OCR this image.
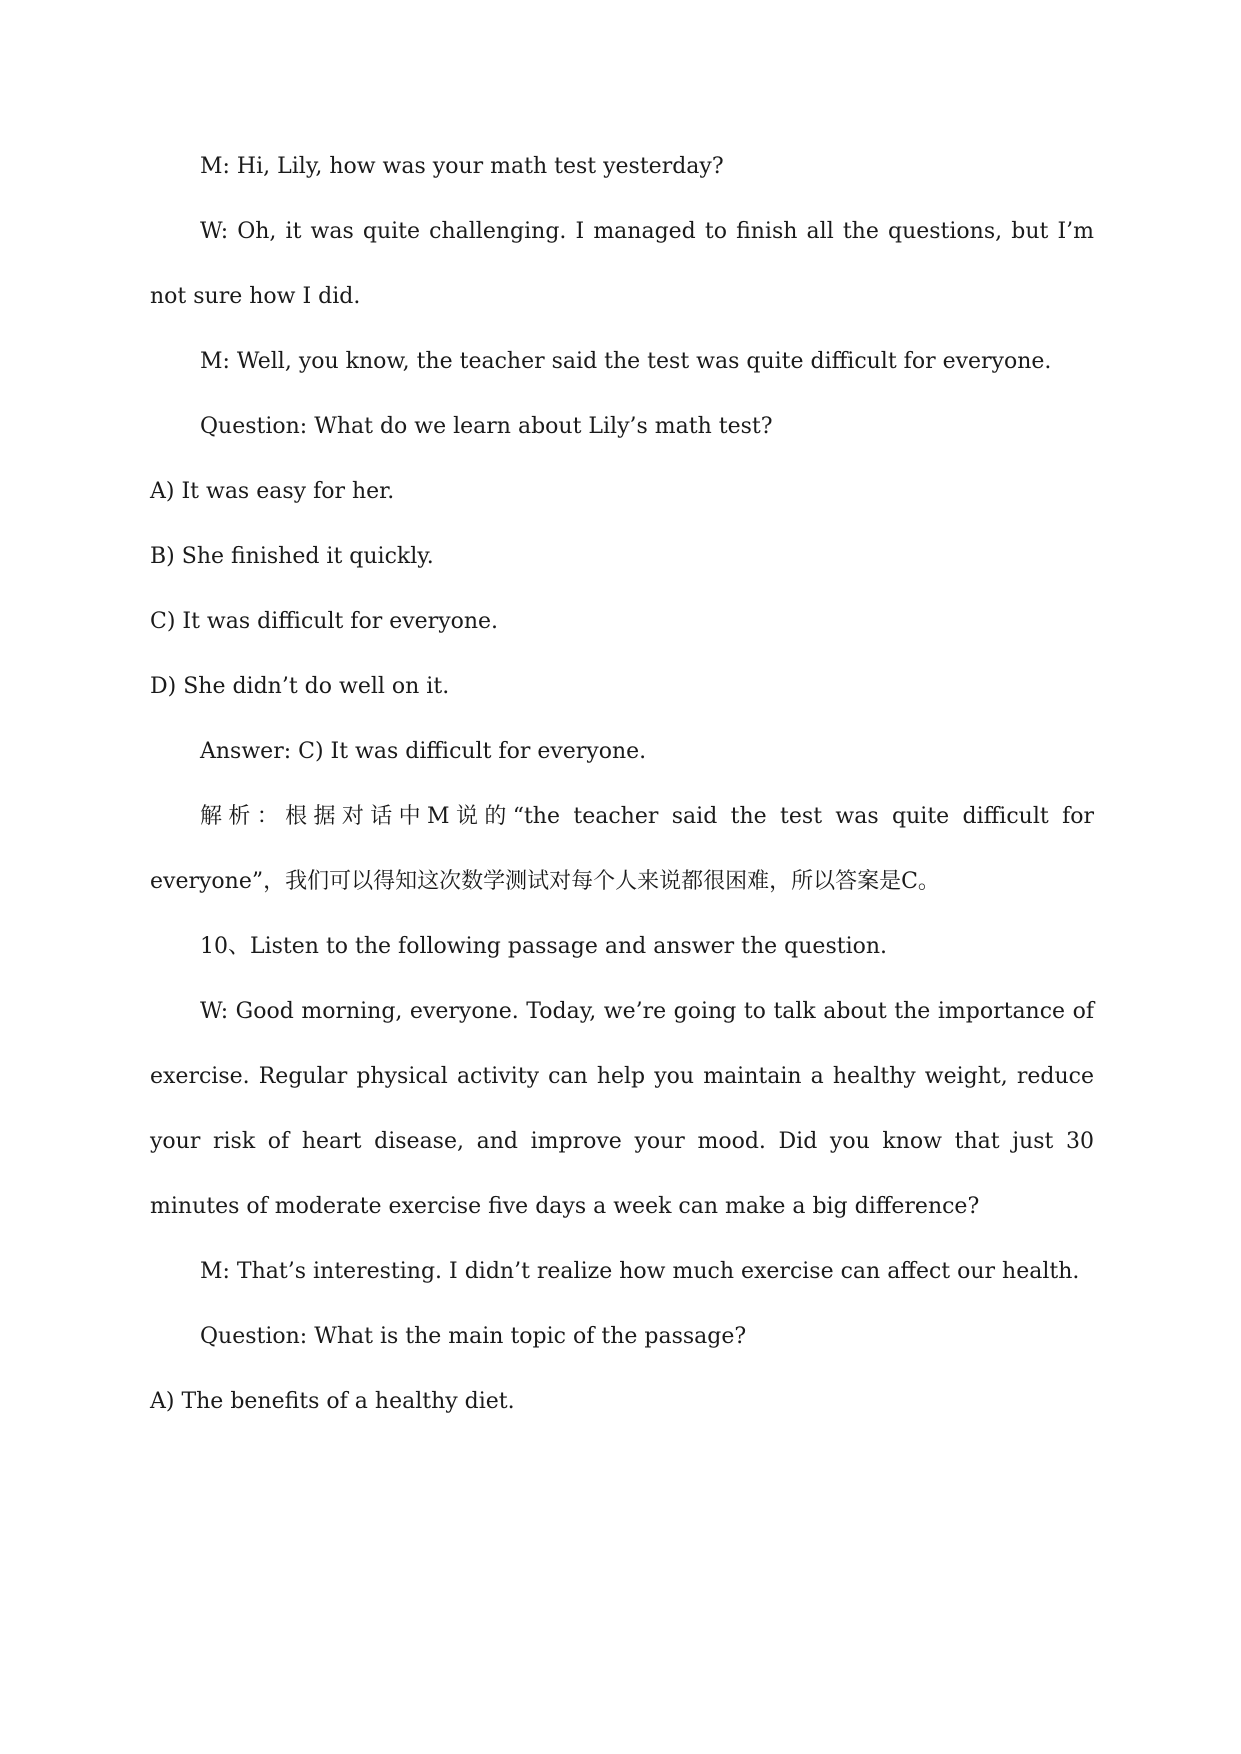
M: Hi, Lily, how was your math test yesterday?

W: Oh, it was quite challenging. I managed to finish all the questions, but I’m not sure how I did.

M: Well, you know, the teacher said the test was quite difficult for everyone.

Question: What do we learn about Lily’s math test?

A) It was easy for her.

B) She finished it quickly.

C) It was difficult for everyone.

D) She didn’t do well on it.

Answer: C) It was difficult for everyone.

解析：根据对话中M说的“the teacher said the test was quite difficult for everyone”，我们可以得知这次数学测试对每个人来说都很困难，所以答案是C。

10、Listen to the following passage and answer the question.

W: Good morning, everyone. Today, we’re going to talk about the importance of exercise. Regular physical activity can help you maintain a healthy weight, reduce your risk of heart disease, and improve your mood. Did you know that just 30 minutes of moderate exercise five days a week can make a big difference?

M: That’s interesting. I didn’t realize how much exercise can affect our health.

Question: What is the main topic of the passage?

A) The benefits of a healthy diet.
